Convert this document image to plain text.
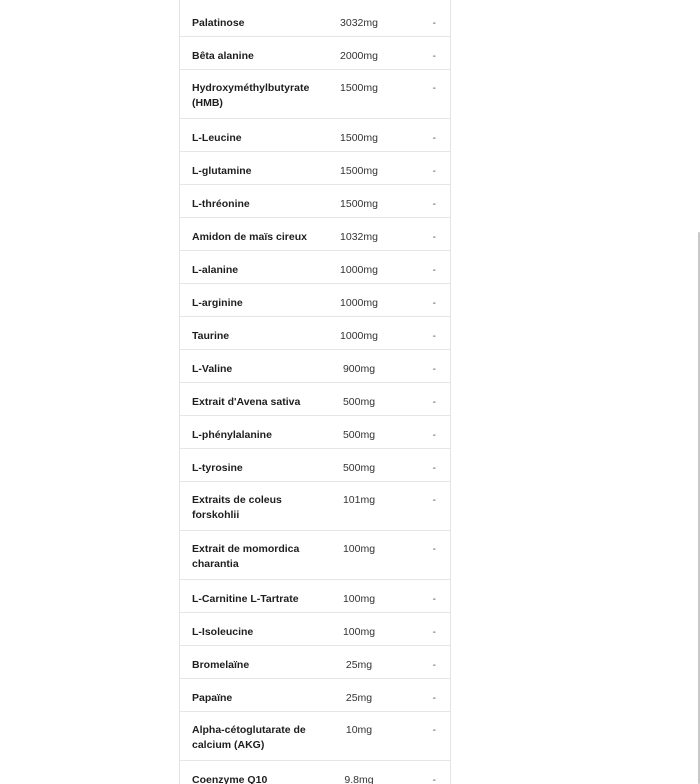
Palatinose	3032mg	-
Bêta alanine	2000mg	-
Hydroxyméthylbutyrate (HMB)	1500mg	-
L-Leucine	1500mg	-
L-glutamine	1500mg	-
L-thréonine	1500mg	-
Amidon de maïs cireux	1032mg	-
L-alanine	1000mg	-
L-arginine	1000mg	-
Taurine	1000mg	-
L-Valine	900mg	-
Extrait d'Avena sativa	500mg	-
L-phénylalanine	500mg	-
L-tyrosine	500mg	-
Extraits de coleus forskohlii	101mg	-
Extrait de momordica charantia	100mg	-
L-Carnitine L-Tartrate	100mg	-
L-Isoleucine	100mg	-
Bromelaïne	25mg	-
Papaïne	25mg	-
Alpha-cétoglutarate de calcium (AKG)	10mg	-
Coenzyme Q10	9.8mg	-
